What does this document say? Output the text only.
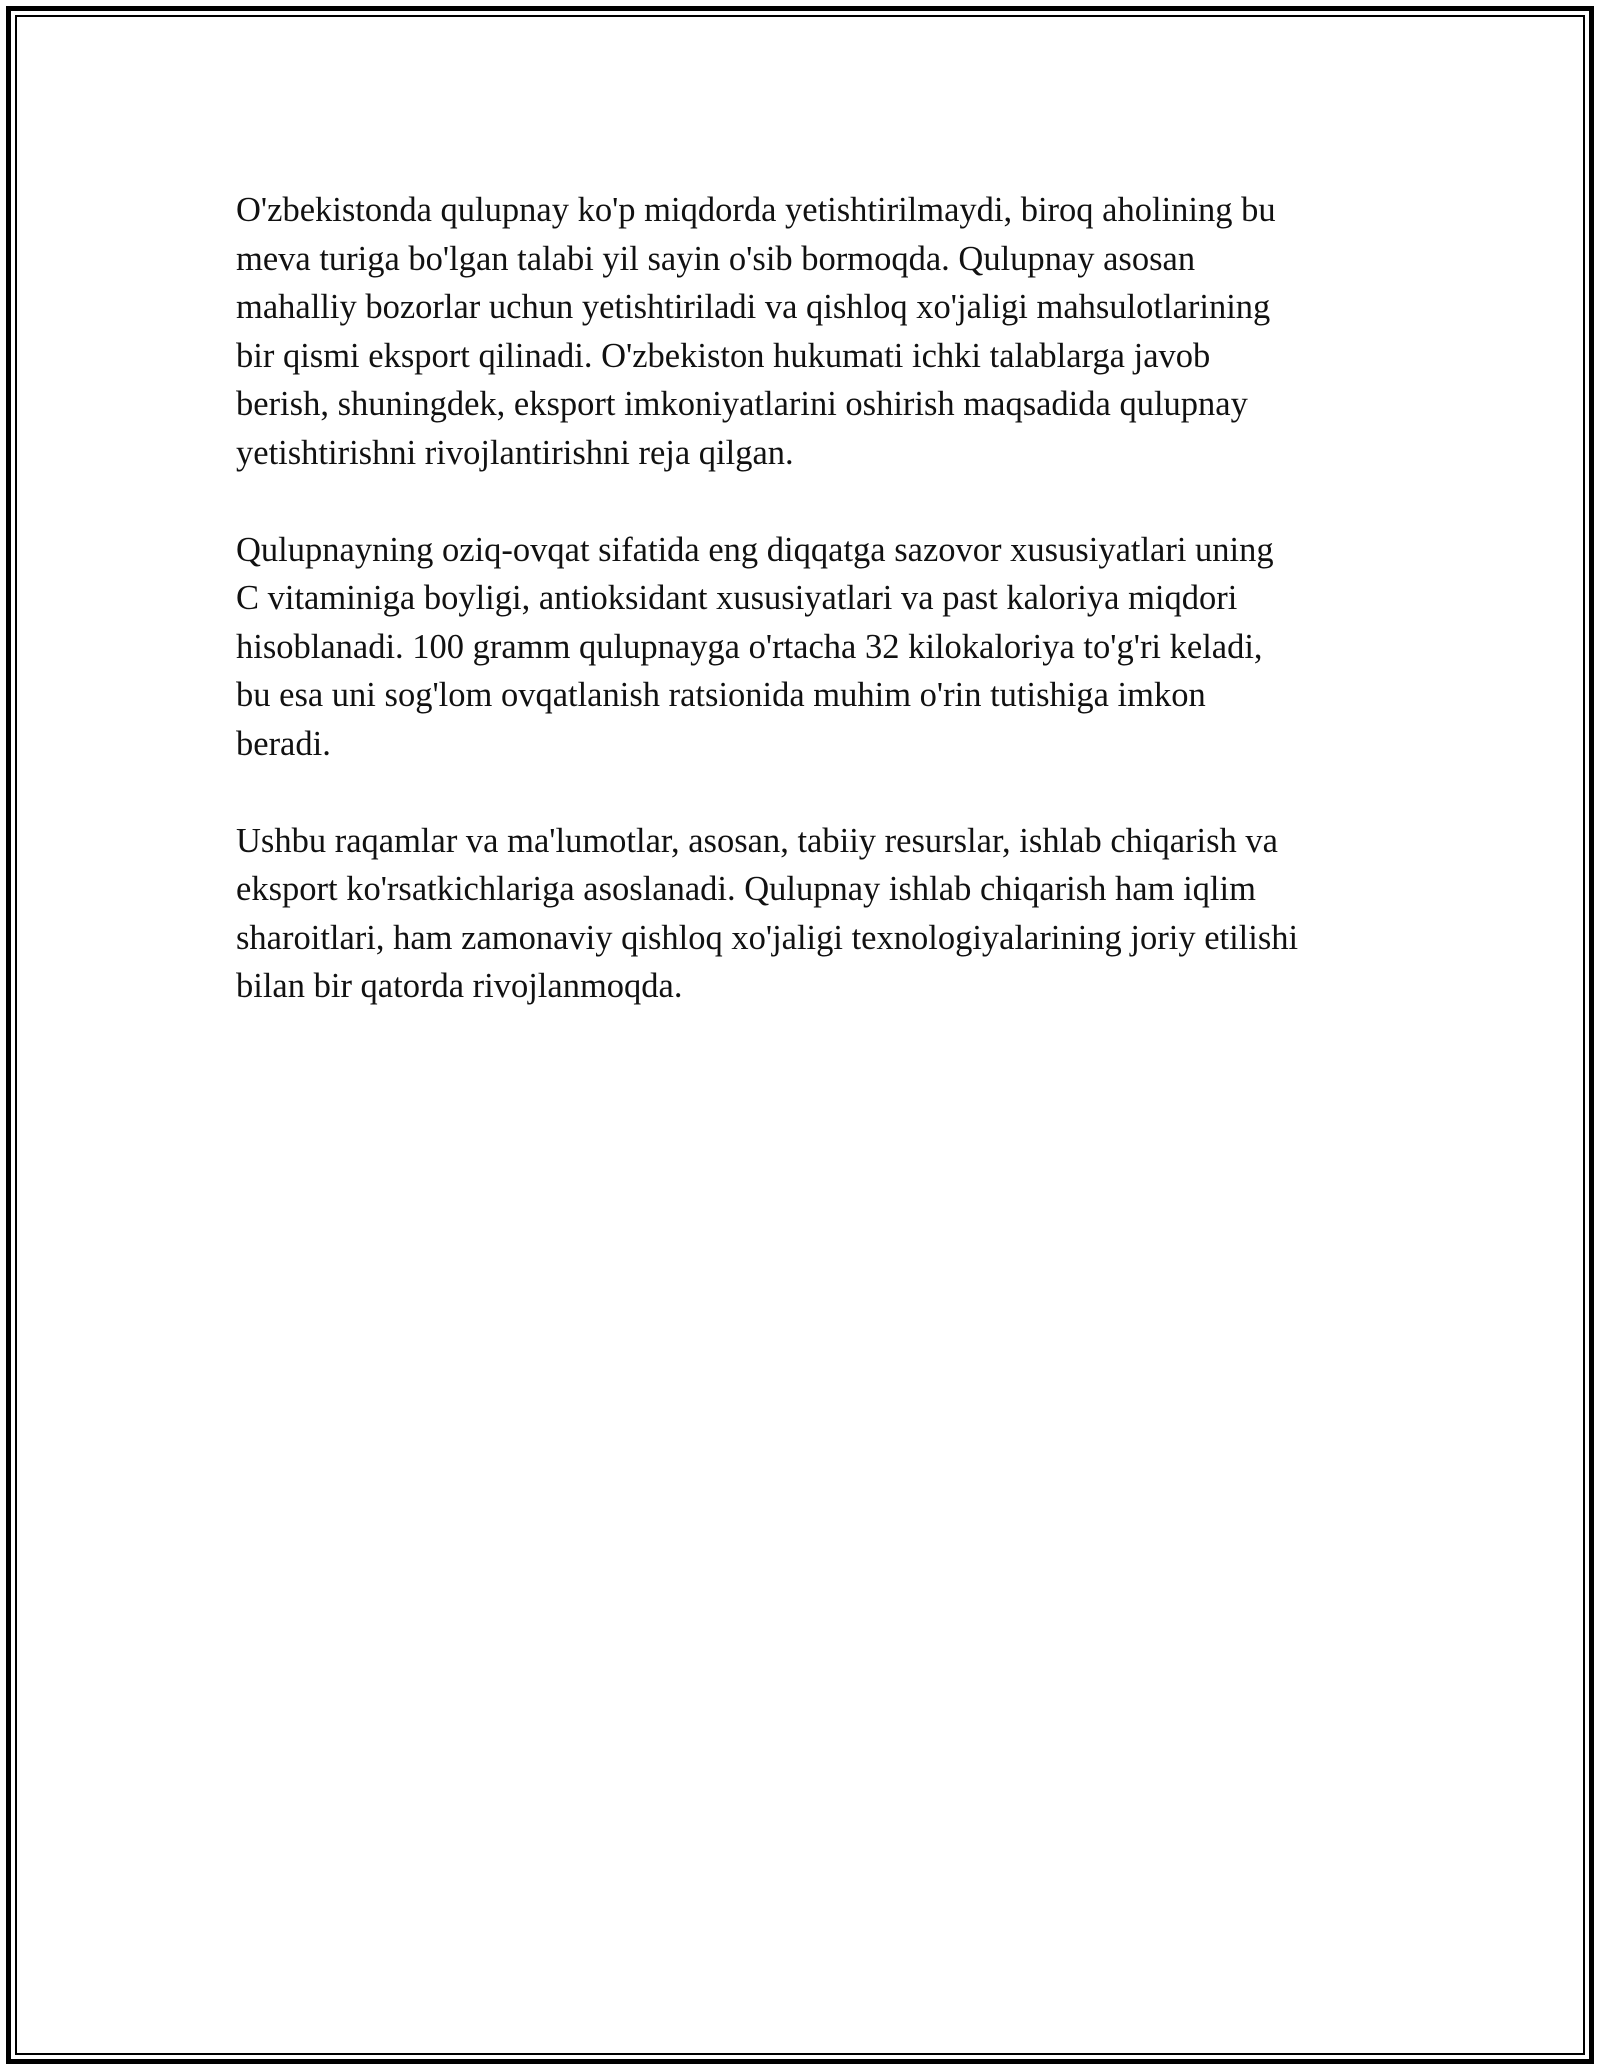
O'zbekistonda qulupnay ko'p miqdorda yetishtirilmaydi, biroq aholining bu
meva turiga bo'lgan talabi yil sayin o'sib bormoqda. Qulupnay asosan
mahalliy bozorlar uchun yetishtiriladi va qishloq xo'jaligi mahsulotlarining
bir qismi eksport qilinadi. O'zbekiston hukumati ichki talablarga javob
berish, shuningdek, eksport imkoniyatlarini oshirish maqsadida qulupnay
yetishtirishni rivojlantirishni reja qilgan.

Qulupnayning oziq-ovqat sifatida eng diqqatga sazovor xususiyatlari uning
C vitaminiga boyligi, antioksidant xususiyatlari va past kaloriya miqdori
hisoblanadi. 100 gramm qulupnayga o'rtacha 32 kilokaloriya to'g'ri keladi,
bu esa uni sog'lom ovqatlanish ratsionida muhim o'rin tutishiga imkon
beradi.

Ushbu raqamlar va ma'lumotlar, asosan, tabiiy resurslar, ishlab chiqarish va
eksport ko'rsatkichlariga asoslanadi. Qulupnay ishlab chiqarish ham iqlim
sharoitlari, ham zamonaviy qishloq xo'jaligi texnologiyalarining joriy etilishi
bilan bir qatorda rivojlanmoqda.
